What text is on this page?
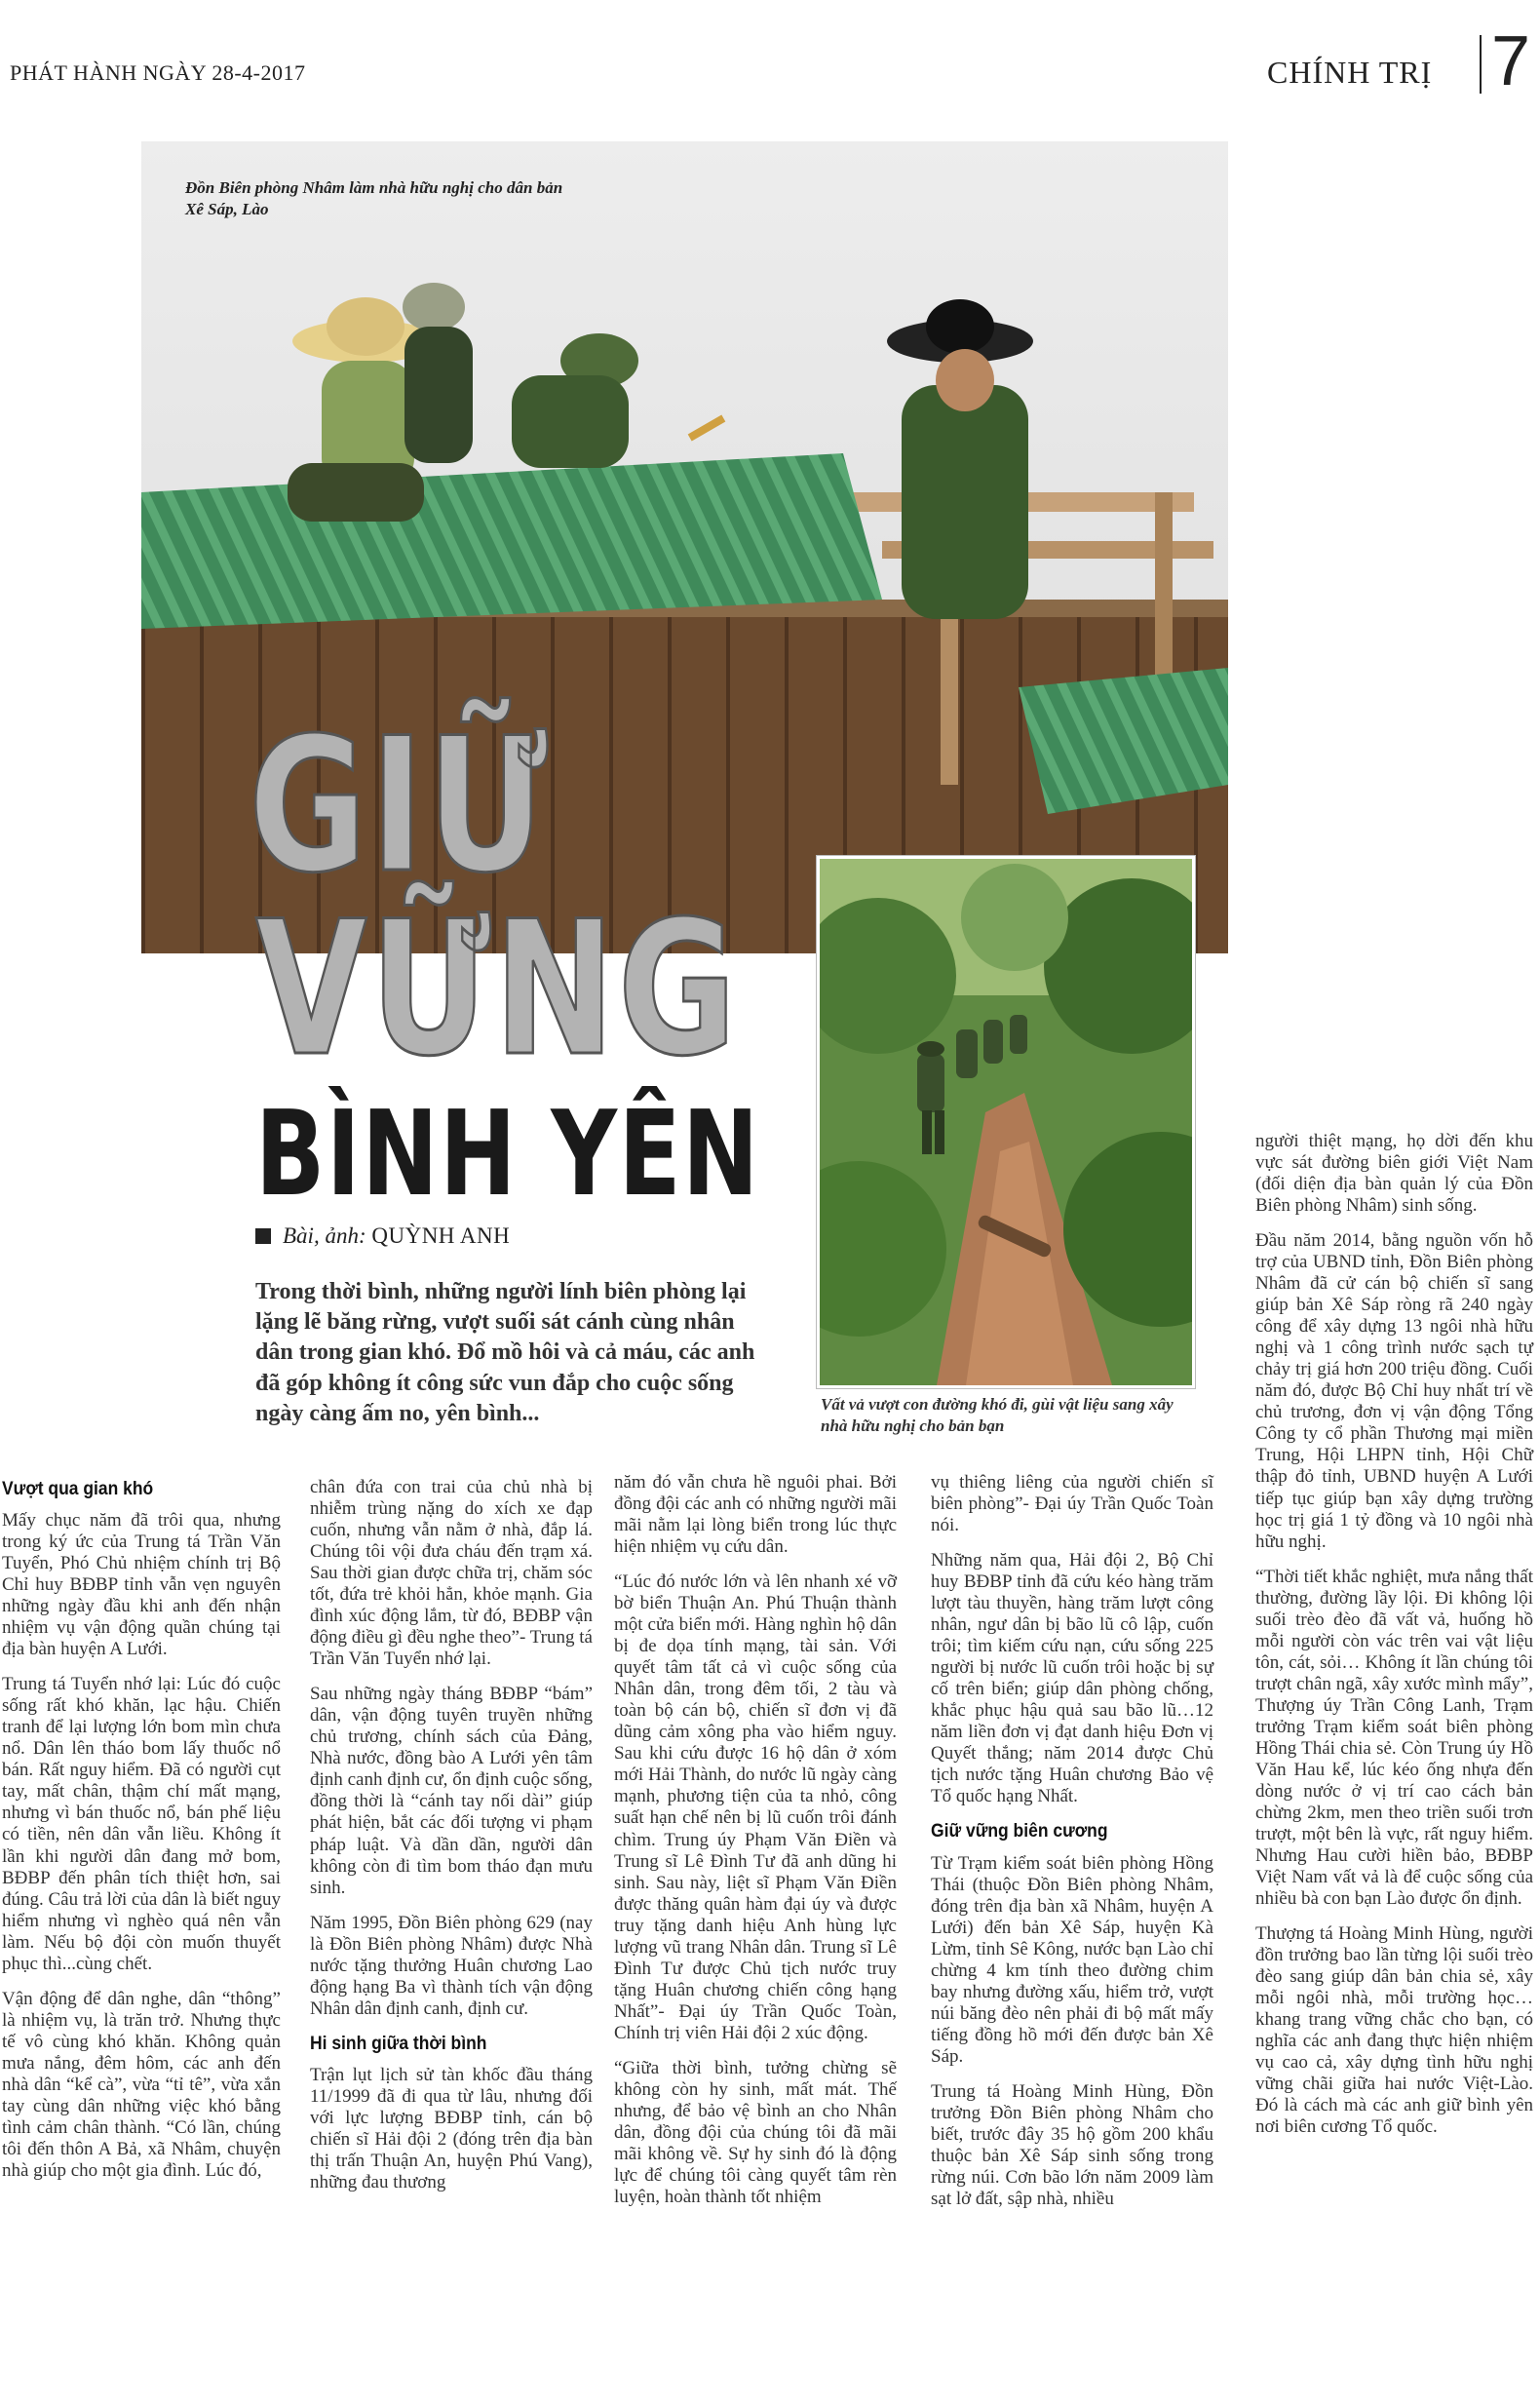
PHÁT HÀNH NGÀY 28-4-2017	CHÍNH TRỊ 7
Đồn Biên phòng Nhâm làm nhà hữu nghị cho dân bản Xê Sáp, Lào
GIỮ
VỮNG
BÌNH YÊN
Bài, ảnh: QUỲNH ANH
Trong thời bình, những người lính biên phòng lại lặng lẽ băng rừng, vượt suối sát cánh cùng nhân dân trong gian khó. Đổ mồ hôi và cả máu, các anh đã góp không ít công sức vun đắp cho cuộc sống ngày càng ấm no, yên bình...	Vất vả vượt con đường khó đi, gùi vật liệu sang xây nhà hữu nghị cho bản bạn
Vượt qua gian khó

Mấy chục năm đã trôi qua, nhưng trong ký ức của Trung tá Trần Văn Tuyển, Phó Chủ nhiệm chính trị Bộ Chỉ huy BĐBP tỉnh vẫn vẹn nguyên những ngày đầu khi anh đến nhận nhiệm vụ vận động quần chúng tại địa bàn huyện A Lưới.

Trung tá Tuyển nhớ lại: Lúc đó cuộc sống rất khó khăn, lạc hậu. Chiến tranh để lại lượng lớn bom mìn chưa nổ. Dân lên tháo bom lấy thuốc nổ bán. Rất nguy hiểm. Đã có người cụt tay, mất chân, thậm chí mất mạng, nhưng vì bán thuốc nổ, bán phế liệu có tiền, nên dân vẫn liều. Không ít lần khi người dân đang mở bom, BĐBP đến phân tích thiệt hơn, sai đúng. Câu trả lời của dân là biết nguy hiểm nhưng vì nghèo quá nên vẫn làm. Nếu bộ đội còn muốn thuyết phục thì...cùng chết.

Vận động để dân nghe, dân “thông” là nhiệm vụ, là trăn trở. Nhưng thực tế vô cùng khó khăn. Không quản mưa nắng, đêm hôm, các anh đến nhà dân “kể cà”, vừa “tỉ tê”, vừa xắn tay cùng dân những việc khó bằng tình cảm chân thành. “Có lần, chúng tôi đến thôn A Bả, xã Nhâm, chuyện nhà giúp cho một gia đình. Lúc đó,

chân đứa con trai của chủ nhà bị nhiễm trùng nặng do xích xe đạp cuốn, nhưng vẫn nằm ở nhà, đắp lá. Chúng tôi vội đưa cháu đến trạm xá. Sau thời gian được chữa trị, chăm sóc tốt, đứa trẻ khỏi hẳn, khỏe mạnh. Gia đình xúc động lắm, từ đó, BĐBP vận động điều gì đều nghe theo”- Trung tá Trần Văn Tuyển nhớ lại.

Sau những ngày tháng BĐBP “bám” dân, vận động tuyên truyền những chủ trương, chính sách của Đảng, Nhà nước, đồng bào A Lưới yên tâm định canh định cư, ổn định cuộc sống, đồng thời là “cánh tay nối dài” giúp phát hiện, bắt các đối tượng vi phạm pháp luật. Và dần dần, người dân không còn đi tìm bom tháo đạn mưu sinh.

Năm 1995, Đồn Biên phòng 629 (nay là Đồn Biên phòng Nhâm) được Nhà nước tặng thưởng Huân chương Lao động hạng Ba vì thành tích vận động Nhân dân định canh, định cư.

Hi sinh giữa thời bình

Trận lụt lịch sử tàn khốc đầu tháng 11/1999 đã đi qua từ lâu, nhưng đối với lực lượng BĐBP tỉnh, cán bộ chiến sĩ Hải đội 2 (đóng trên địa bàn thị trấn Thuận An, huyện Phú Vang), những đau thương

năm đó vẫn chưa hề nguôi phai. Bởi đồng đội các anh có những người mãi mãi nằm lại lòng biển trong lúc thực hiện nhiệm vụ cứu dân.

“Lúc đó nước lớn và lên nhanh xé vỡ bờ biển Thuận An. Phú Thuận thành một cửa biển mới. Hàng nghìn hộ dân bị đe dọa tính mạng, tài sản. Với quyết tâm tất cả vì cuộc sống của Nhân dân, trong đêm tối, 2 tàu và toàn bộ cán bộ, chiến sĩ đơn vị đã dũng cảm xông pha vào hiểm nguy. Sau khi cứu được 16 hộ dân ở xóm mới Hải Thành, do nước lũ ngày càng mạnh, phương tiện của ta nhỏ, công suất hạn chế nên bị lũ cuốn trôi đánh chìm. Trung úy Phạm Văn Điền và Trung sĩ Lê Đình Tư đã anh dũng hi sinh. Sau này, liệt sĩ Phạm Văn Điền được thăng quân hàm đại úy và được truy tặng danh hiệu Anh hùng lực lượng vũ trang Nhân dân. Trung sĩ Lê Đình Tư được Chủ tịch nước truy tặng Huân chương chiến công hạng Nhất”- Đại úy Trần Quốc Toàn, Chính trị viên Hải đội 2 xúc động.

“Giữa thời bình, tưởng chừng sẽ không còn hy sinh, mất mát. Thế nhưng, để bảo vệ bình an cho Nhân dân, đồng đội của chúng tôi đã mãi mãi không về. Sự hy sinh đó là động lực để chúng tôi càng quyết tâm rèn luyện, hoàn thành tốt nhiệm

vụ thiêng liêng của người chiến sĩ biên phòng”- Đại úy Trần Quốc Toàn nói.

Những năm qua, Hải đội 2, Bộ Chỉ huy BĐBP tỉnh đã cứu kéo hàng trăm lượt tàu thuyền, hàng trăm lượt công nhân, ngư dân bị bão lũ cô lập, cuốn trôi; tìm kiếm cứu nạn, cứu sống 225 người bị nước lũ cuốn trôi hoặc bị sự cố trên biển; giúp dân phòng chống, khắc phục hậu quả sau bão lũ…12 năm liền đơn vị đạt danh hiệu Đơn vị Quyết thắng; năm 2014 được Chủ tịch nước tặng Huân chương Bảo vệ Tổ quốc hạng Nhất.

Giữ vững biên cương

Từ Trạm kiểm soát biên phòng Hồng Thái (thuộc Đồn Biên phòng Nhâm, đóng trên địa bàn xã Nhâm, huyện A Lưới) đến bản Xê Sáp, huyện Kà Lừm, tỉnh Sê Kông, nước bạn Lào chỉ chừng 4 km tính theo đường chim bay nhưng đường xấu, hiểm trở, vượt núi băng đèo nên phải đi bộ mất mấy tiếng đồng hồ mới đến được bản Xê Sáp.

Trung tá Hoàng Minh Hùng, Đồn trưởng Đồn Biên phòng Nhâm cho biết, trước đây 35 hộ gồm 200 khẩu thuộc bản Xê Sáp sinh sống trong rừng núi. Cơn bão lớn năm 2009 làm sạt lở đất, sập nhà, nhiều

người thiệt mạng, họ dời đến khu vực sát đường biên giới Việt Nam (đối diện địa bàn quản lý của Đồn Biên phòng Nhâm) sinh sống.

Đầu năm 2014, bằng nguồn vốn hỗ trợ của UBND tỉnh, Đồn Biên phòng Nhâm đã cử cán bộ chiến sĩ sang giúp bản Xê Sáp ròng rã 240 ngày công để xây dựng 13 ngôi nhà hữu nghị và 1 công trình nước sạch tự chảy trị giá hơn 200 triệu đồng. Cuối năm đó, được Bộ Chỉ huy nhất trí về chủ trương, đơn vị vận động Tổng Công ty cổ phần Thương mại miền Trung, Hội LHPN tỉnh, Hội Chữ thập đỏ tỉnh, UBND huyện A Lưới tiếp tục giúp bạn xây dựng trường học trị giá 1 tỷ đồng và 10 ngôi nhà hữu nghị.

“Thời tiết khắc nghiệt, mưa nắng thất thường, đường lầy lội. Đi không lội suối trèo đèo đã vất vả, huống hồ mỗi người còn vác trên vai vật liệu tôn, cát, sỏi… Không ít lần chúng tôi trượt chân ngã, xây xước mình mẩy”, Thượng úy Trần Công Lanh, Trạm trưởng Trạm kiểm soát biên phòng Hồng Thái chia sẻ. Còn Trung úy Hồ Văn Hau kể, lúc kéo ống nhựa đến dòng nước ở vị trí cao cách bản chừng 2km, men theo triền suối trơn trượt, một bên là vực, rất nguy hiểm. Nhưng Hau cười hiền bảo, BĐBP Việt Nam vất vả là để cuộc sống của nhiều bà con bạn Lào được ổn định.

Thượng tá Hoàng Minh Hùng, người đồn trưởng bao lần từng lội suối trèo đèo sang giúp dân bản chia sẻ, xây mỗi ngôi nhà, mỗi trường học…khang trang vững chắc cho bạn, có nghĩa các anh đang thực hiện nhiệm vụ cao cả, xây dựng tình hữu nghị vững chãi giữa hai nước Việt-Lào. Đó là cách mà các anh giữ bình yên nơi biên cương Tổ quốc.
